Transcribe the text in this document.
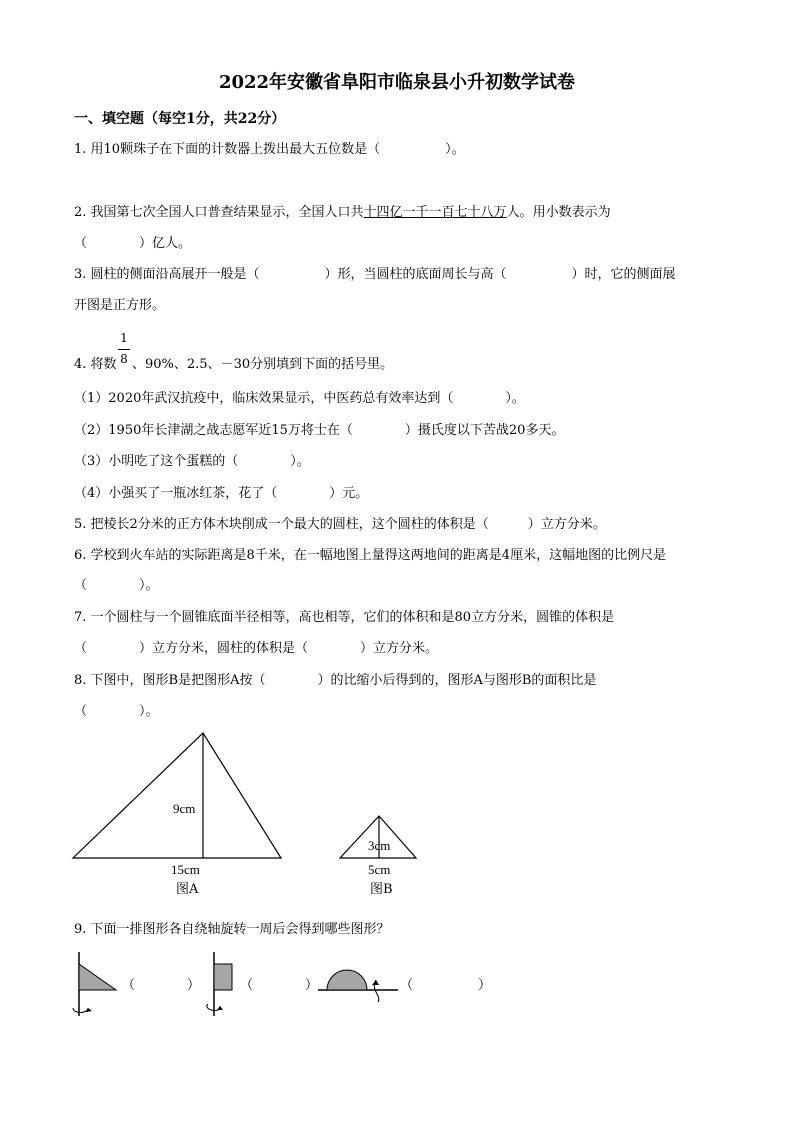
2022年安徽省阜阳市临泉县小升初数学试卷
一、填空题（每空1分，共22分）
1. 用10颗珠子在下面的计数器上拨出最大五位数是（　　　　　）。
2. 我国第七次全国人口普查结果显示，全国人口共十四亿一千一百七十八万人。用小数表示为
（　　　　）亿人。
3. 圆柱的侧面沿高展开一般是（　　　　　）形，当圆柱的底面周长与高（　　　　　）时，它的侧面展
开图是正方形。
4. 将数
1
8 、90%、2.5、－30分别填到下面的括号里。
（1）2020年武汉抗疫中，临床效果显示，中医药总有效率达到（　　　　）。
（2）1950年长津湖之战志愿军近15万将士在（　　　　）摄氏度以下苦战20多天。
（3）小明吃了这个蛋糕的（　　　　）。
（4）小强买了一瓶冰红茶，花了（　　　　）元。
5. 把棱长2分米的正方体木块削成一个最大的圆柱，这个圆柱的体积是（　　　）立方分米。
6. 学校到火车站的实际距离是8千米，在一幅地图上量得这两地间的距离是4厘米，这幅地图的比例尺是
（　　　　）。
7. 一个圆柱与一个圆锥底面半径相等，高也相等，它们的体积和是80立方分米，圆锥的体积是
（　　　　）立方分米，圆柱的体积是（　　　　）立方分米。
8. 下图中，图形B是把图形A按（　　　　）的比缩小后得到的，图形A与图形B的面积比是
（　　　　）。
9cm
15cm
图A
3cm
5cm
图B
9. 下面一排图形各自绕轴旋转一周后会得到哪些图形？
（　　　　）	（　　　　）	（　　　　　）
